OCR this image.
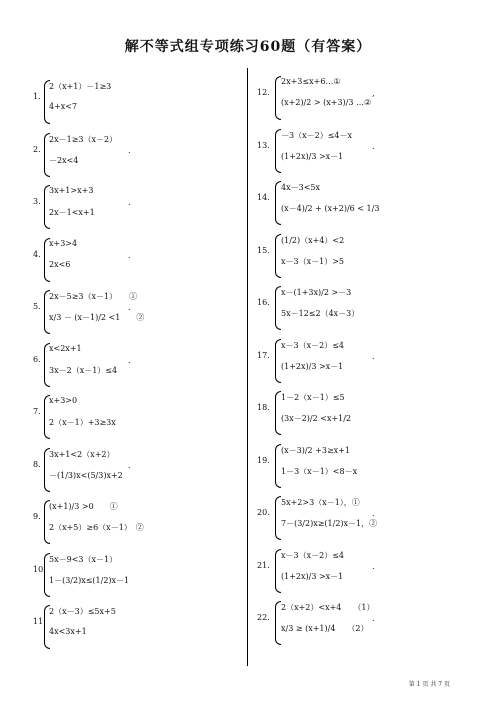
解不等式组专项练习60题（有答案）
1.
2（x+1）－1≥3
4+x<7
2.
2x－1≥3（x－2）
－2x<4
.
3.
3x+1>x+3
2x－1<x+1
.
4.
x+3>4
2x<6
.
5.
2x－5≥3（x－1）　　①
x/3 － (x－1)/2 <1　　②
.
6.
x<2x+1
3x－2（x－1）≤4
.
7.
x+3>0
2（x－1）+3≥3x
8.
3x+1<2（x+2）
－(1/3)x<(5/3)x+2
.
9.
(x+1)/3 >0　　①
2（x+5）≥6（x－1）　②
10.
5x－9<3（x－1）
1－(3/2)x≤(1/2)x－1
11.
2（x－3）≤5x+5
4x<3x+1
12.
2x+3≤x+6…①
(x+2)/2 > (x+3)/3 …②
,
13.
－3（x－2）≤4－x
(1+2x)/3 >x－1
.
14.
4x－3<5x
(x－4)/2 + (x+2)/6 < 1/3
15.
(1/2)（x+4）<2
x－3（x－1）>5
16.
x－(1+3x)/2 >－3
5x－12≤2（4x－3）
17.
x－3（x－2）≤4
(1+2x)/3 >x－1
.
18.
1－2（x－1）≤5
(3x－2)/2 <x+1/2
19.
(x－3)/2 +3≥x+1
1－3（x－1）<8－x
20.
5x+2>3（x－1），①
7－(3/2)x≥(1/2)x－1，②
.
21.
x－3（x－2）≤4
(1+2x)/3 >x－1
.
22.
2（x+2）<x+4　　（1）
x/3 ≥ (x+1)/4　　（2）
.
第 1 页 共 7 页
